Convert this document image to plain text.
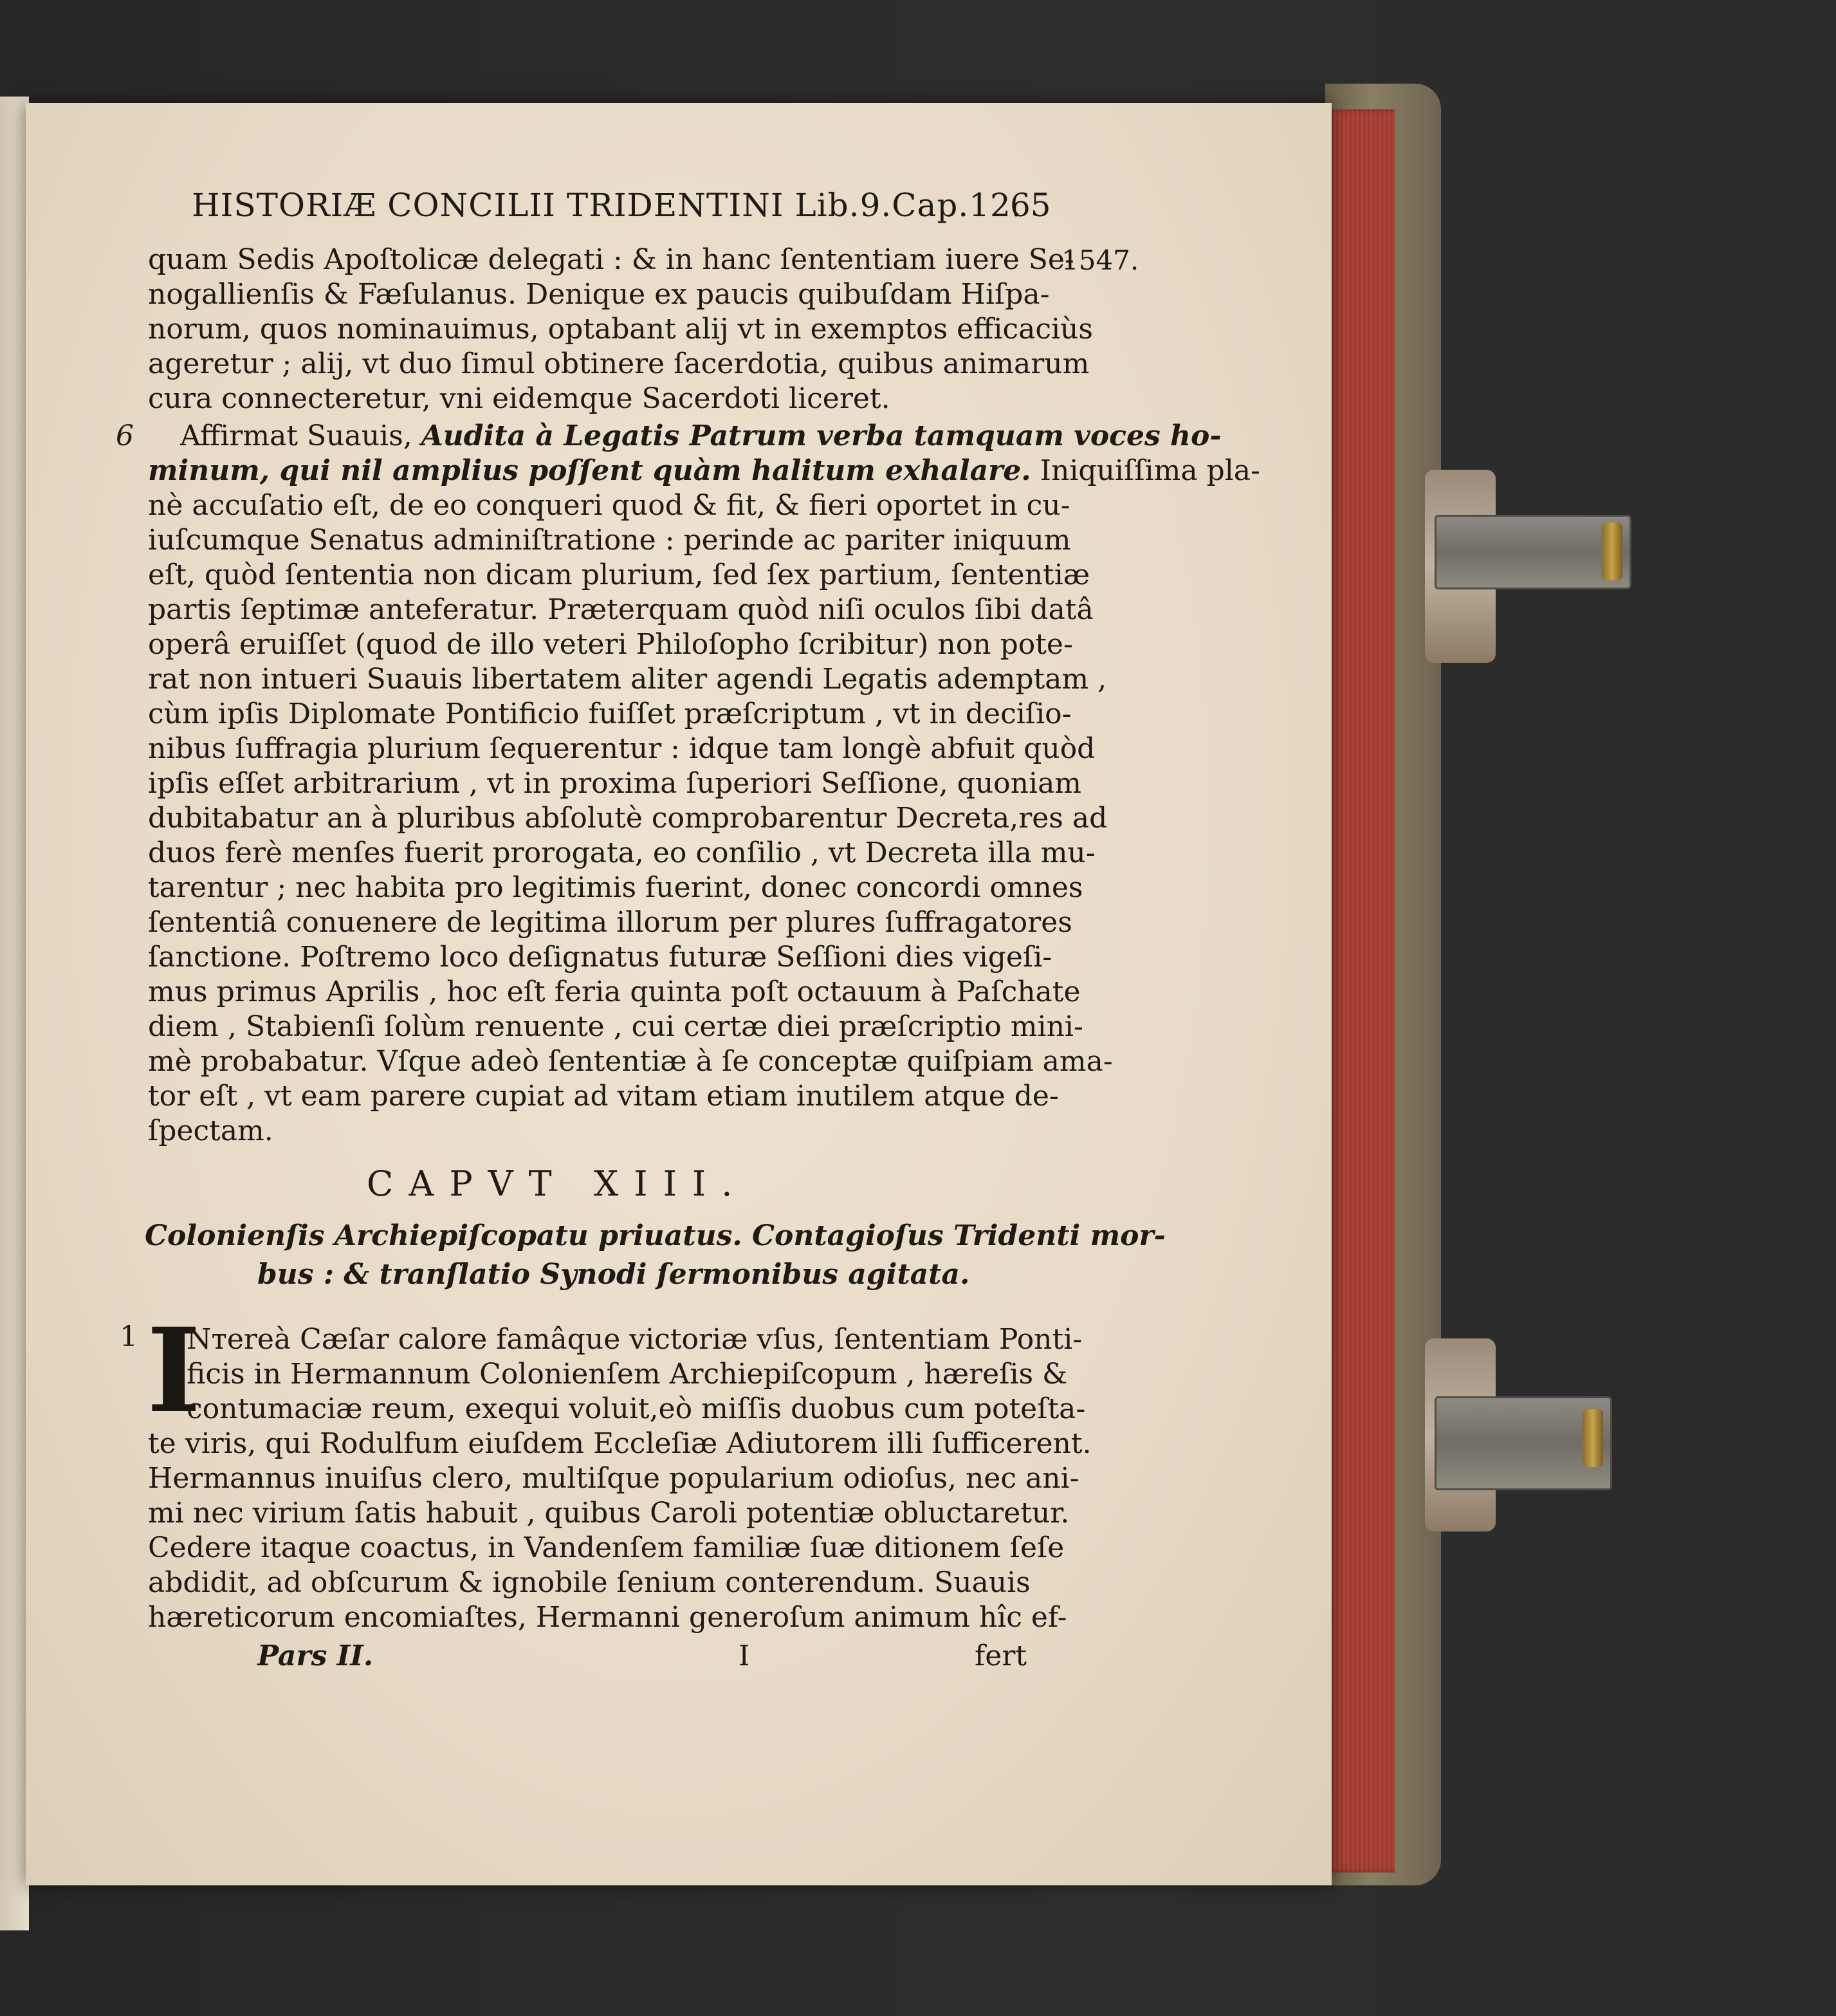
HISTORIÆ CONCILII TRIDENTINI Lib.9.Cap.12.
65
1547.
quam Sedis Apoſtolicæ delegati : & in hanc ſententiam iuere Se-
nogallienſis & Fæſulanus. Denique ex paucis quibuſdam Hiſpa-
norum, quos nominauimus, optabant alij vt in exemptos efficaciùs
ageretur ; alij, vt duo ſimul obtinere ſacerdotia, quibus animarum
cura connecteretur, vni eidemque Sacerdoti liceret.
6 Affirmat Suauis, Audita à Legatis Patrum verba tamquam voces ho-
minum, qui nil amplius poſſent quàm halitum exhalare. Iniquiſſima pla-
nè accuſatio eſt, de eo conqueri quod & fit, & fieri oportet in cu-
iuſcumque Senatus adminiſtratione : perinde ac pariter iniquum
eſt, quòd ſententia non dicam plurium, ſed ſex partium, ſententiæ
partis ſeptimæ anteferatur. Præterquam quòd niſi oculos ſibi datâ
operâ eruiſſet (quod de illo veteri Philoſopho ſcribitur) non pote-
rat non intueri Suauis libertatem aliter agendi Legatis ademptam ,
cùm ipſis Diplomate Pontificio fuiſſet præſcriptum , vt in deciſio-
nibus ſuffragia plurium ſequerentur : idque tam longè abfuit quòd
ipſis eſſet arbitrarium , vt in proxima ſuperiori Seſſione, quoniam
dubitabatur an à pluribus abſolutè comprobarentur Decreta,res ad
duos ferè menſes fuerit prorogata, eo conſilio , vt Decreta illa mu-
tarentur ; nec habita pro legitimis fuerint, donec concordi omnes
ſententiâ conuenere de legitima illorum per plures ſuffragatores
ſanctione. Poſtremo loco deſignatus futuræ Seſſioni dies vigeſi-
mus primus Aprilis , hoc eſt feria quinta poſt octauum à Paſchate
diem , Stabienſi ſolùm renuente , cui certæ diei præſcriptio mini-
mè probabatur. Vſque adeò ſententiæ à ſe conceptæ quiſpiam ama-
tor eſt , vt eam parere cupiat ad vitam etiam inutilem atque de-
ſpectam.
CAPVT XIII.
Colonienſis Archiepiſcopatu priuatus. Contagioſus Tridenti mor-
bus : & tranſlatio Synodi ſermonibus agitata.
1 I
Nтereà Cæſar calore famâque victoriæ vſus, ſententiam Ponti-
ficis in Hermannum Colonienſem Archiepiſcopum , hæreſis &
contumaciæ reum, exequi voluit,eò miſſis duobus cum poteſta-
te viris, qui Rodulfum eiuſdem Eccleſiæ Adiutorem illi ſufficerent.
Hermannus inuiſus clero, multiſque popularium odioſus, nec ani-
mi nec virium ſatis habuit , quibus Caroli potentiæ obluctaretur.
Cedere itaque coactus, in Vandenſem familiæ ſuæ ditionem ſeſe
abdidit, ad obſcurum & ignobile ſenium conterendum. Suauis
hæreticorum encomiaſtes, Hermanni generoſum animum hîc ef-
Pars II.	I	fert
